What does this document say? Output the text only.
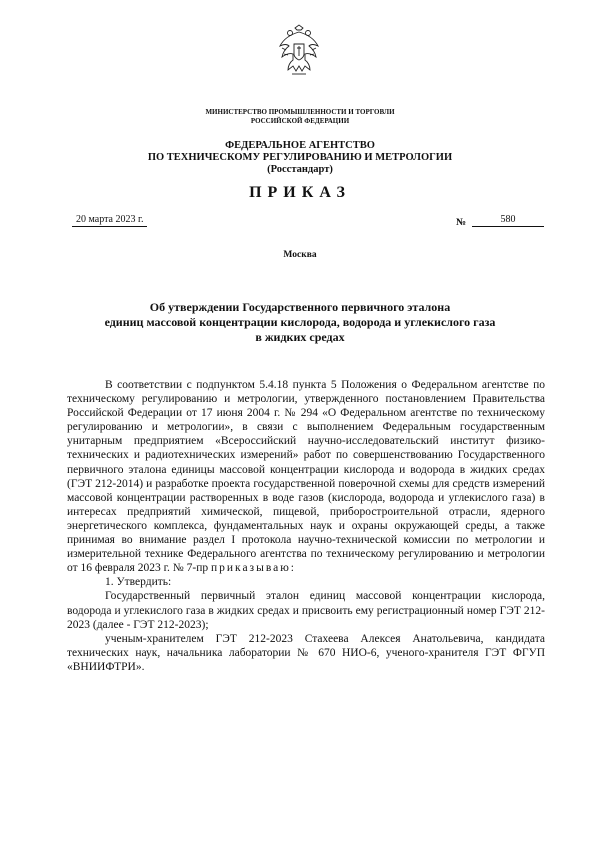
МИНИСТЕРСТВО ПРОМЫШЛЕННОСТИ И ТОРГОВЛИ
РОССИЙСКОЙ ФЕДЕРАЦИИ
ФЕДЕРАЛЬНОЕ АГЕНТСТВО
ПО ТЕХНИЧЕСКОМУ РЕГУЛИРОВАНИЮ И МЕТРОЛОГИИ
(Росстандарт)
ПРИКАЗ
20 марта 2023 г.	№	580
Москва
Об утверждении Государственного первичного эталона
единиц массовой концентрации кислорода, водорода и углекислого газа
в жидких средах

В соответствии с подпунктом 5.4.18 пункта 5 Положения о Федеральном агентстве по техническому регулированию и метрологии, утвержденного постановлением Правительства Российской Федерации от 17 июня 2004 г. № 294 «О Федеральном агентстве по техническому регулированию и метрологии», в связи с выполнением Федеральным государственным унитарным предприятием «Всероссийский научно-исследовательский институт физико-технических и радиотехнических измерений» работ по совершенствованию Государственного первичного эталона единицы массовой концентрации кислорода и водорода в жидких средах (ГЭТ 212-2014) и разработке проекта государственной поверочной схемы для средств измерений массовой концентрации растворенных в воде газов (кислорода, водорода и углекислого газа) в интересах предприятий химической, пищевой, приборостроительной отрасли, ядерного энергетического комплекса, фундаментальных наук и охраны окружающей среды, а также принимая во внимание раздел I протокола научно-технической комиссии по метрологии и измерительной технике Федерального агентства по техническому регулированию и метрологии от 16 февраля 2023 г. № 7-пр приказываю:

1. Утвердить:

Государственный первичный эталон единиц массовой концентрации кислорода, водорода и углекислого газа в жидких средах и присвоить ему регистрационный номер ГЭТ 212-2023 (далее - ГЭТ 212-2023);

ученым-хранителем ГЭТ 212-2023 Стахеева Алексея Анатольевича, кандидата технических наук, начальника лаборатории № 670 НИО-6, ученого-хранителя ГЭТ ФГУП «ВНИИФТРИ».
